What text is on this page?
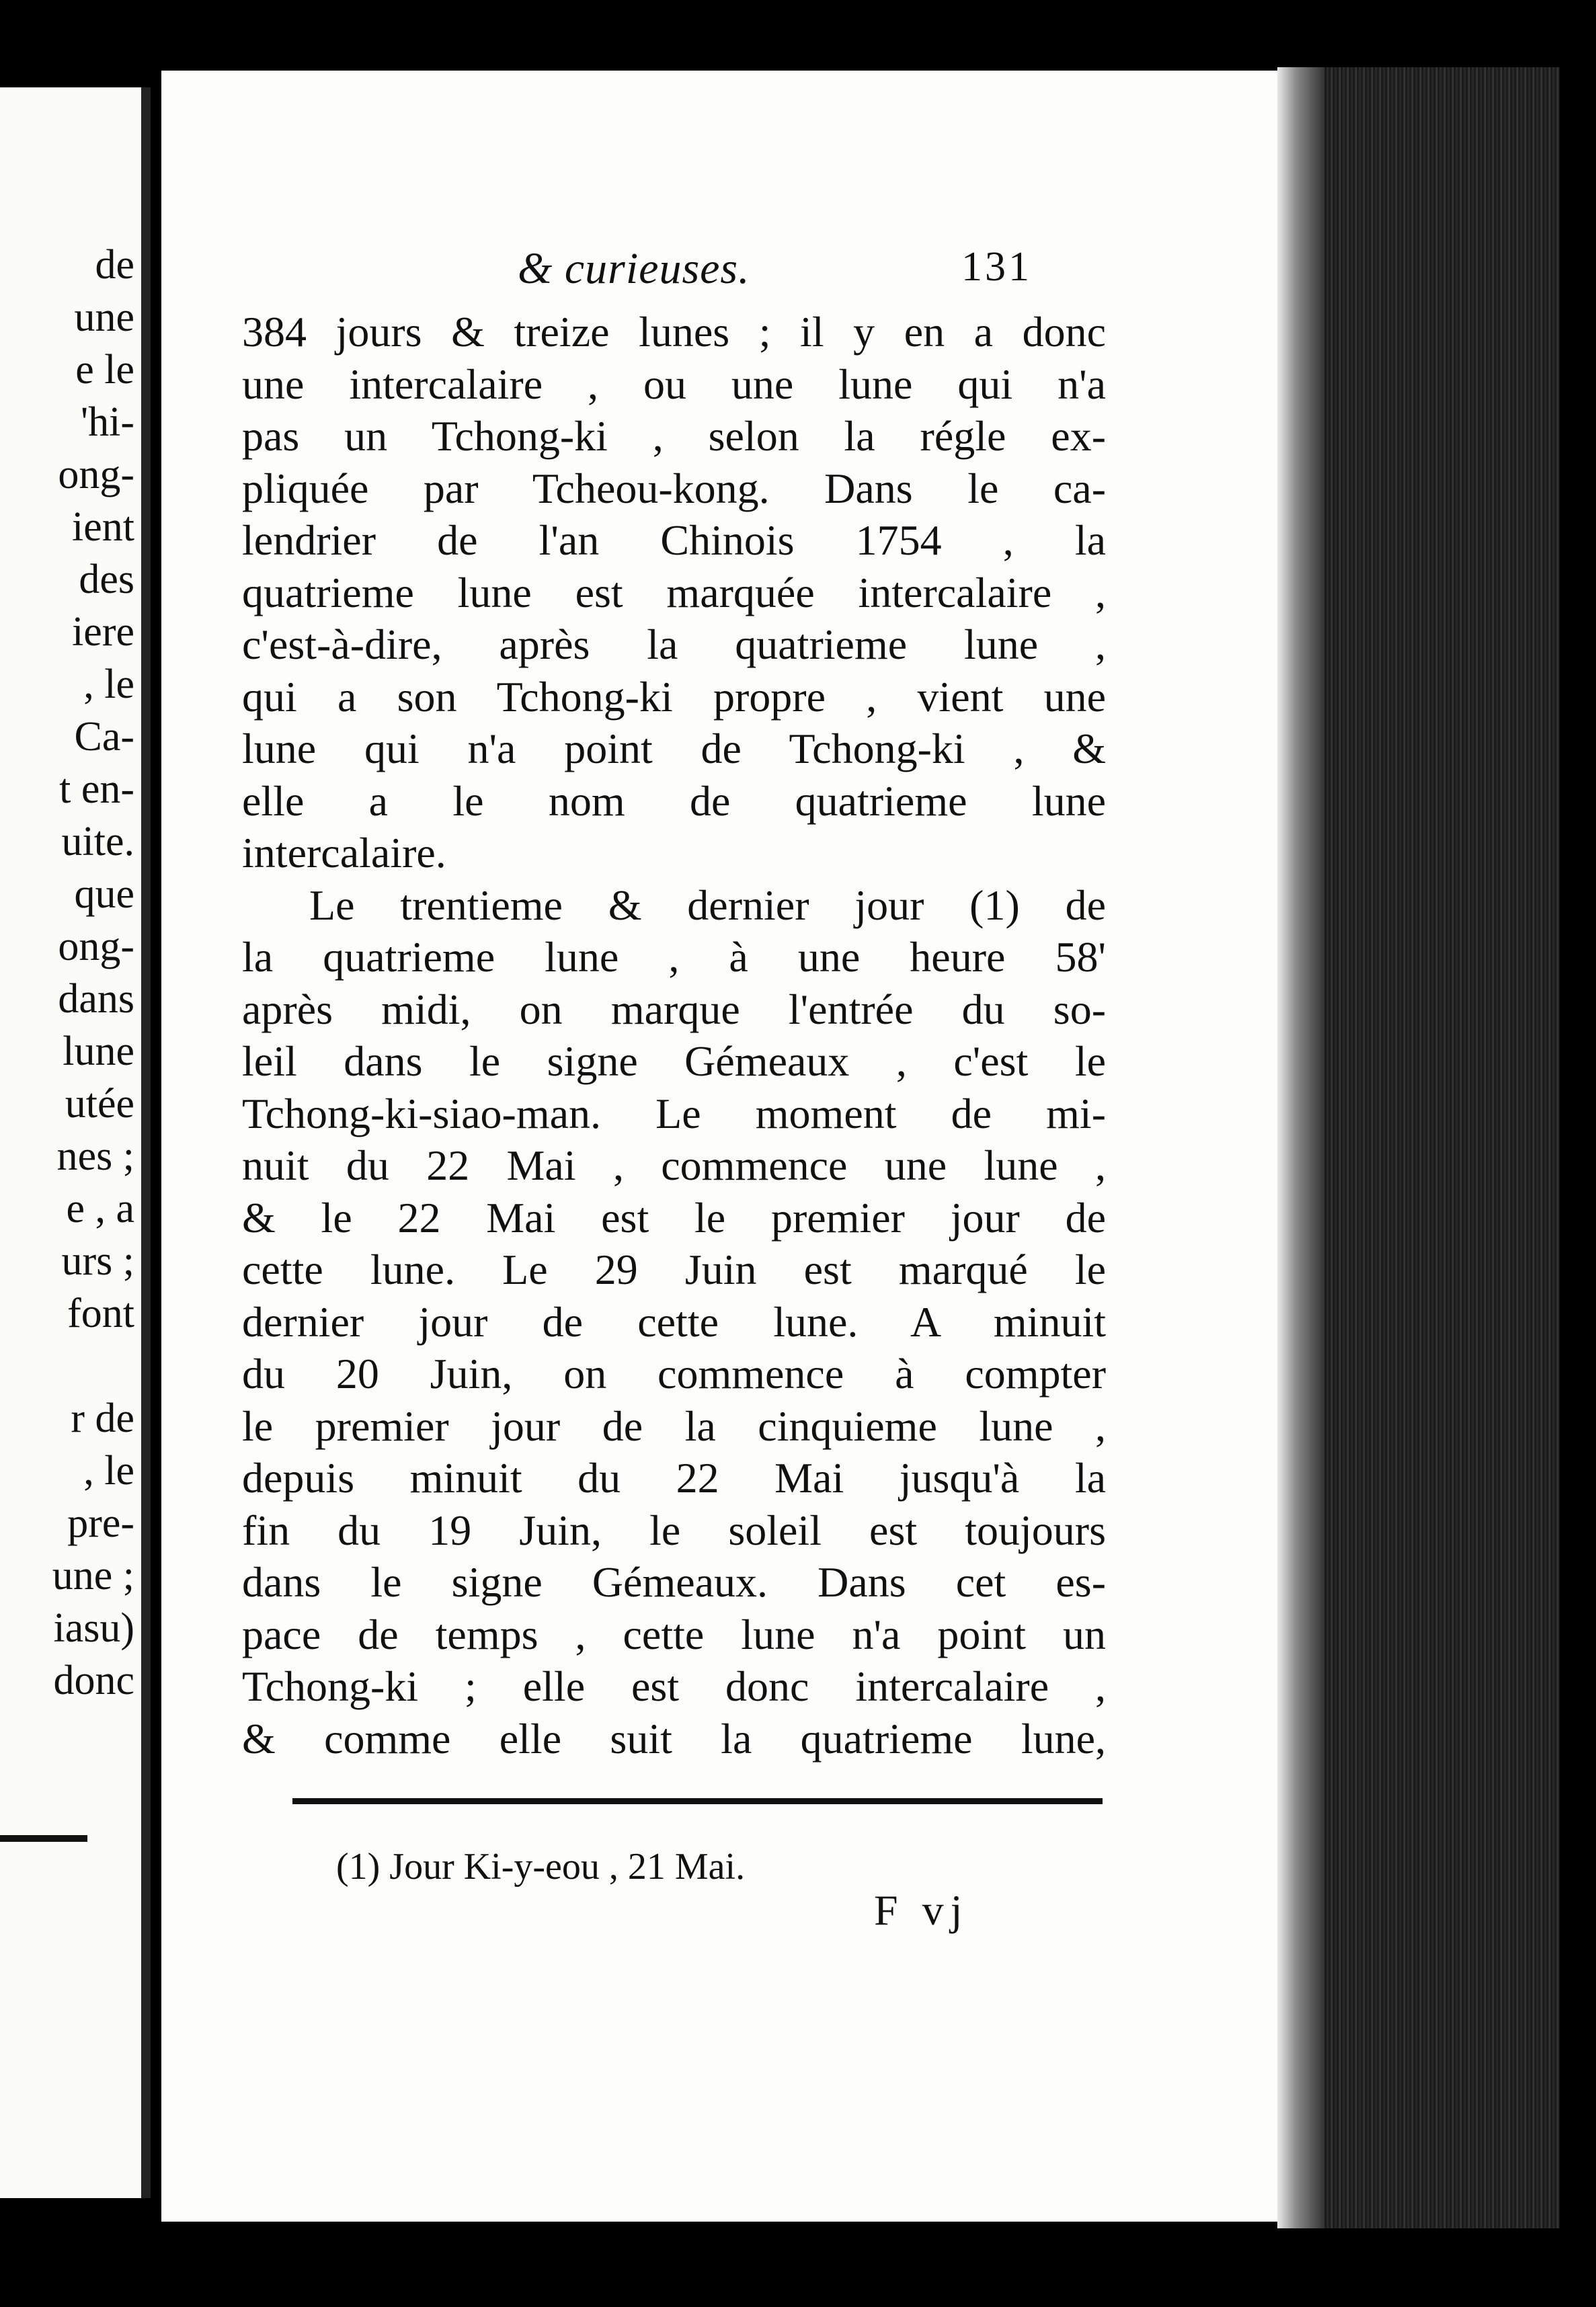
de
une
e le
'hi-
ong-
ient
des
iere
, le
Ca-
t en-
uite.
que
ong-
dans
lune
utée
nes ;
e , a
urs ;
font
r de
, le
pre-
une ;
iasu)
donc
& curieuses.	131
384 jours & treize lunes ; il y en a donc
une intercalaire , ou une lune qui n'a
pas un Tchong-ki , selon la régle ex-
pliquée par Tcheou-kong. Dans le ca-
lendrier de l'an Chinois 1754 , la
quatrieme lune est marquée intercalaire ,
c'est-à-dire, après la quatrieme lune ,
qui a son Tchong-ki propre , vient une
lune qui n'a point de Tchong-ki , &
elle a le nom de quatrieme lune
intercalaire.
Le trentieme & dernier jour (1) de
la quatrieme lune , à une heure 58'
après midi, on marque l'entrée du so-
leil dans le signe Gémeaux , c'est le
Tchong-ki-siao-man. Le moment de mi-
nuit du 22 Mai , commence une lune ,
& le 22 Mai est le premier jour de
cette lune. Le 29 Juin est marqué le
dernier jour de cette lune. A minuit
du 20 Juin, on commence à compter
le premier jour de la cinquieme lune ,
depuis minuit du 22 Mai jusqu'à la
fin du 19 Juin, le soleil est toujours
dans le signe Gémeaux. Dans cet es-
pace de temps , cette lune n'a point un
Tchong-ki ; elle est donc intercalaire ,
& comme elle suit la quatrieme lune,
(1) Jour Ki-y-eou , 21 Mai.
F vj
